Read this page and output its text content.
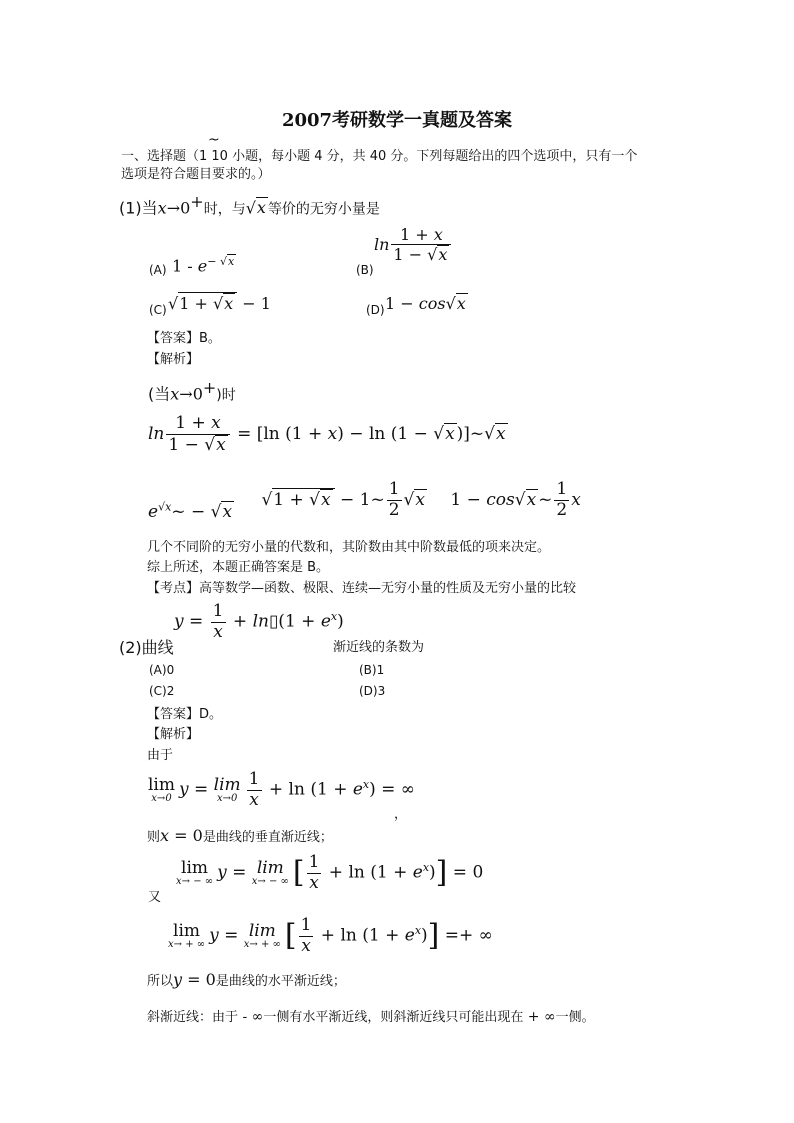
2007考研数学一真题及答案
~
一、选择题（1 10 小题，每小题 4 分，共 40 分。下列每题给出的四个选项中，只有一个
选项是符合题目要求的。）
(1)当x→0+时，与√x 等价的无穷小量是
(A) $1 - e^{- √x}$
(B)
$\ln \frac{1 + x}{1 - √x}$
(C) √1 + √x − 1	(D) 1 − cos√x
【答案】B。
【解析】
(当x→0+)时
$\ln \frac{1 + x}{1 - √x} = [\ln$ (1 + x) − ln (1 − √x )]~√x
$e^{√x}\sim - √x$ √1 + √x − 1~ $\frac{1}{2} √x$ 1 − cos√x ~ $\frac{1}{2}$ x
几个不同阶的无穷小量的代数和，其阶数由其中阶数最低的项来决定。
综上所述，本题正确答案是 B。
【考点】高等数学—函数、极限、连续—无穷小量的性质及无穷小量的比较
(2)曲线
$y = \frac{1}{x}$ + ln▯(1 + $e^x$)
渐近线的条数为
(A)0	(B)1
(C)2	(D)3
【答案】D。
【解析】
由于
lim
x→0 y = lim
$x\to 0 \frac{1}{x} + \ln (1 + e^x)$ = ∞
，
则x = 0是曲线的垂直渐近线；
又
lim
x→ − ∞ y = lim
x→ − ∞ [ $\frac{1}{x} + \ln (1 + e^x)] = 0$
lim
x→ + ∞ y = lim
x→ + ∞ [ $\frac{1}{x} + \ln (1 + e^x)$] =+ ∞
所以y = 0是曲线的水平渐近线；
斜渐近线：由于 - ∞一侧有水平渐近线，则斜渐近线只可能出现在 + ∞一侧。
